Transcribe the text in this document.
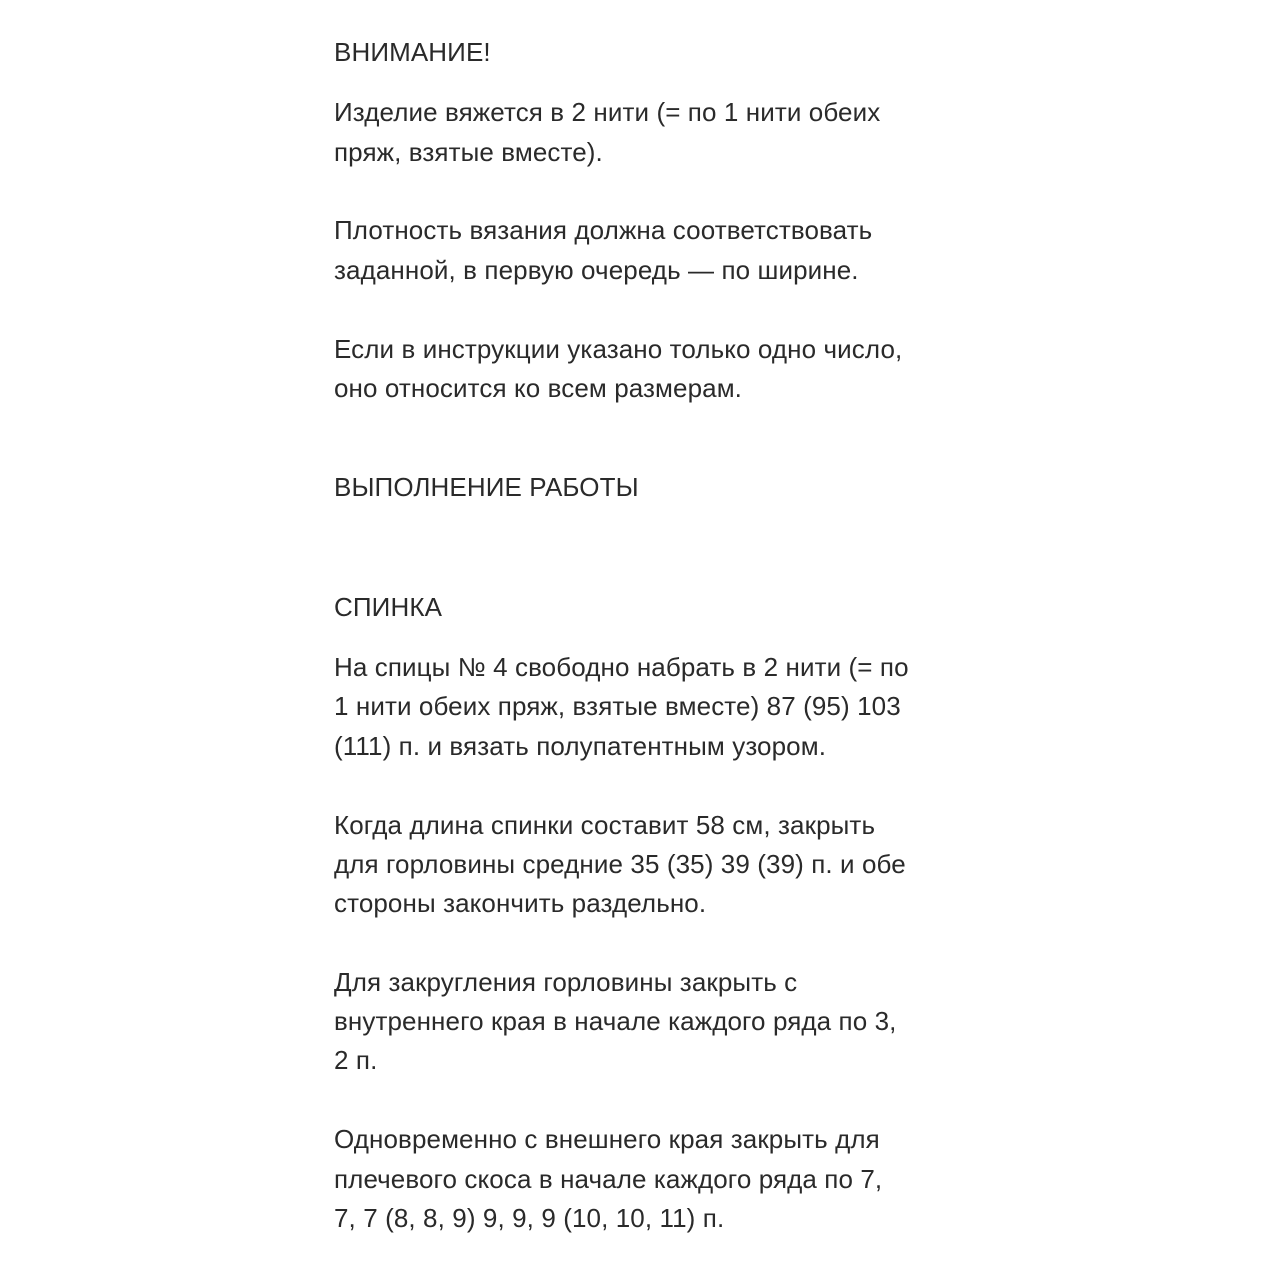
ВНИМАНИЕ!
Изделие вяжется в 2 нити (= по 1 нити обеих
пряж, взятые вместе).
Плотность вязания должна соответствовать
заданной, в первую очередь — по ширине.
Если в инструкции указано только одно число,
оно относится ко всем размерам.
ВЫПОЛНЕНИЕ РАБОТЫ
СПИНКА
На спицы № 4 свободно набрать в 2 нити (= по
1 нити обеих пряж, взятые вместе) 87 (95) 103
(111) п. и вязать полупатентным узором.
Когда длина спинки составит 58 см, закрыть
для горловины средние 35 (35) 39 (39) п. и обе
стороны закончить раздельно.
Для закругления горловины закрыть с
внутреннего края в начале каждого ряда по 3,
2 п.
Одновременно с внешнего края закрыть для
плечевого скоса в начале каждого ряда по 7,
7, 7 (8, 8, 9) 9, 9, 9 (10, 10, 11) п.
